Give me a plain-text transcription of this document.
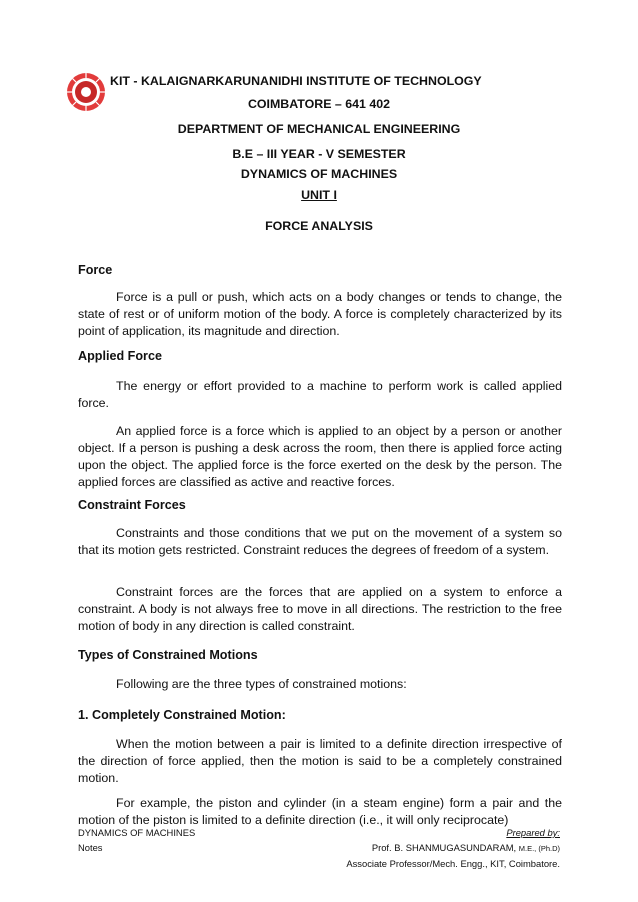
KIT - KALAIGNARKARUNANIDHI INSTITUTE OF TECHNOLOGY
COIMBATORE – 641 402
DEPARTMENT OF MECHANICAL ENGINEERING
B.E – III YEAR - V SEMESTER
DYNAMICS OF MACHINES
UNIT I
FORCE ANALYSIS
Force

Force is a pull or push, which acts on a body changes or tends to change, the state of rest or of uniform motion of the body. A force is completely characterized by its point of application, its magnitude and direction.

Applied Force

The energy or effort provided to a machine to perform work is called applied force.

An applied force is a force which is applied to an object by a person or another object. If a person is pushing a desk across the room, then there is applied force acting upon the object. The applied force is the force exerted on the desk by the person. The applied forces are classified as active and reactive forces.

Constraint Forces

Constraints and those conditions that we put on the movement of a system so that its motion gets restricted. Constraint reduces the degrees of freedom of a system.

Constraint forces are the forces that are applied on a system to enforce a constraint. A body is not always free to move in all directions. The restriction to the free motion of body in any direction is called constraint.

Types of Constrained Motions

Following are the three types of constrained motions:

1. Completely Constrained Motion:

When the motion between a pair is limited to a definite direction irrespective of the direction of force applied, then the motion is said to be a completely constrained motion.

For example, the piston and cylinder (in a steam engine) form a pair and the motion of the piston is limited to a definite direction (i.e., it will only reciprocate)

DYNAMICS OF MACHINES
Notes
Prepared by:
Prof. B. SHANMUGASUNDARAM, M.E., (Ph.D)
Associate Professor/Mech. Engg., KIT, Coimbatore.
